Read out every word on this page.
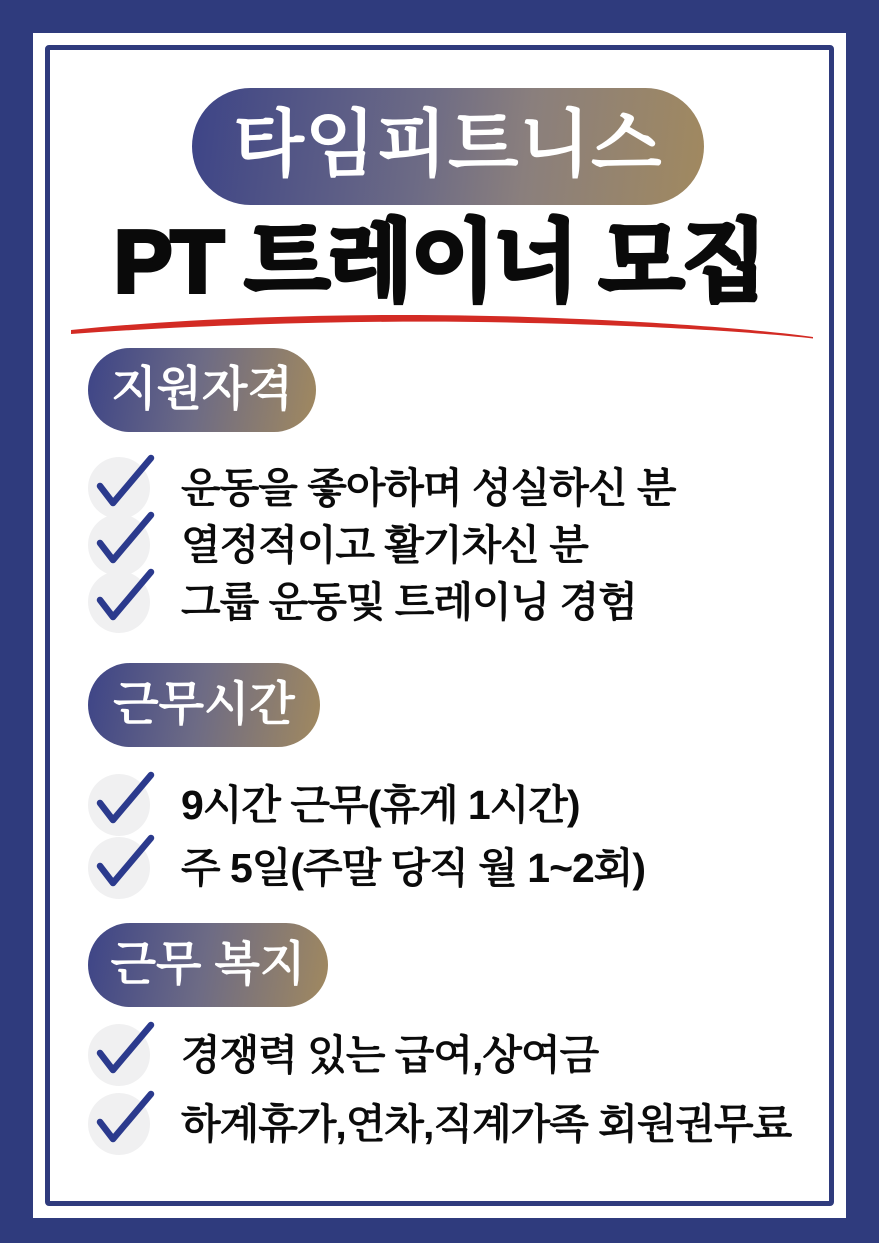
타임피트니스
PT 트레이너 모집
지원자격
운동을 좋아하며 성실하신 분
열정적이고 활기차신 분
그룹 운동및 트레이닝 경험
근무시간
9시간 근무(휴게 1시간)
주 5일(주말 당직 월 1~2회)
근무 복지
경쟁력 있는 급여,상여금
하계휴가,연차,직계가족 회원권무료
